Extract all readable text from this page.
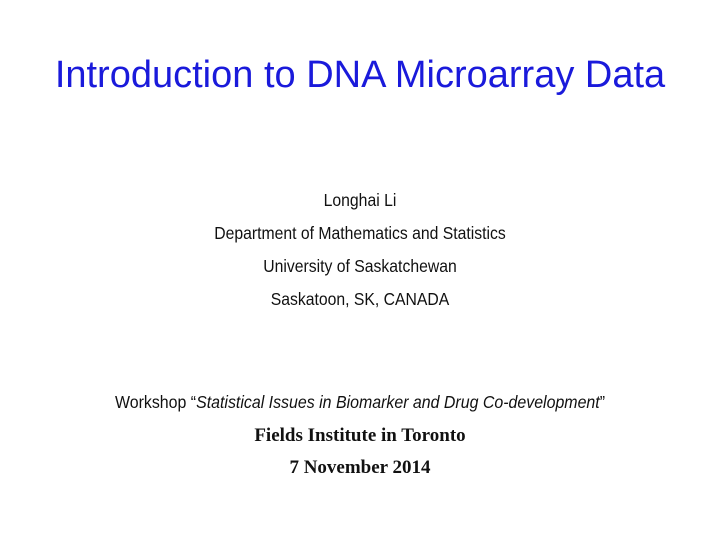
Introduction to DNA Microarray Data
Longhai Li
Department of Mathematics and Statistics
University of Saskatchewan
Saskatoon, SK, CANADA
Workshop “Statistical Issues in Biomarker and Drug Co-development”
Fields Institute in Toronto
7 November 2014
